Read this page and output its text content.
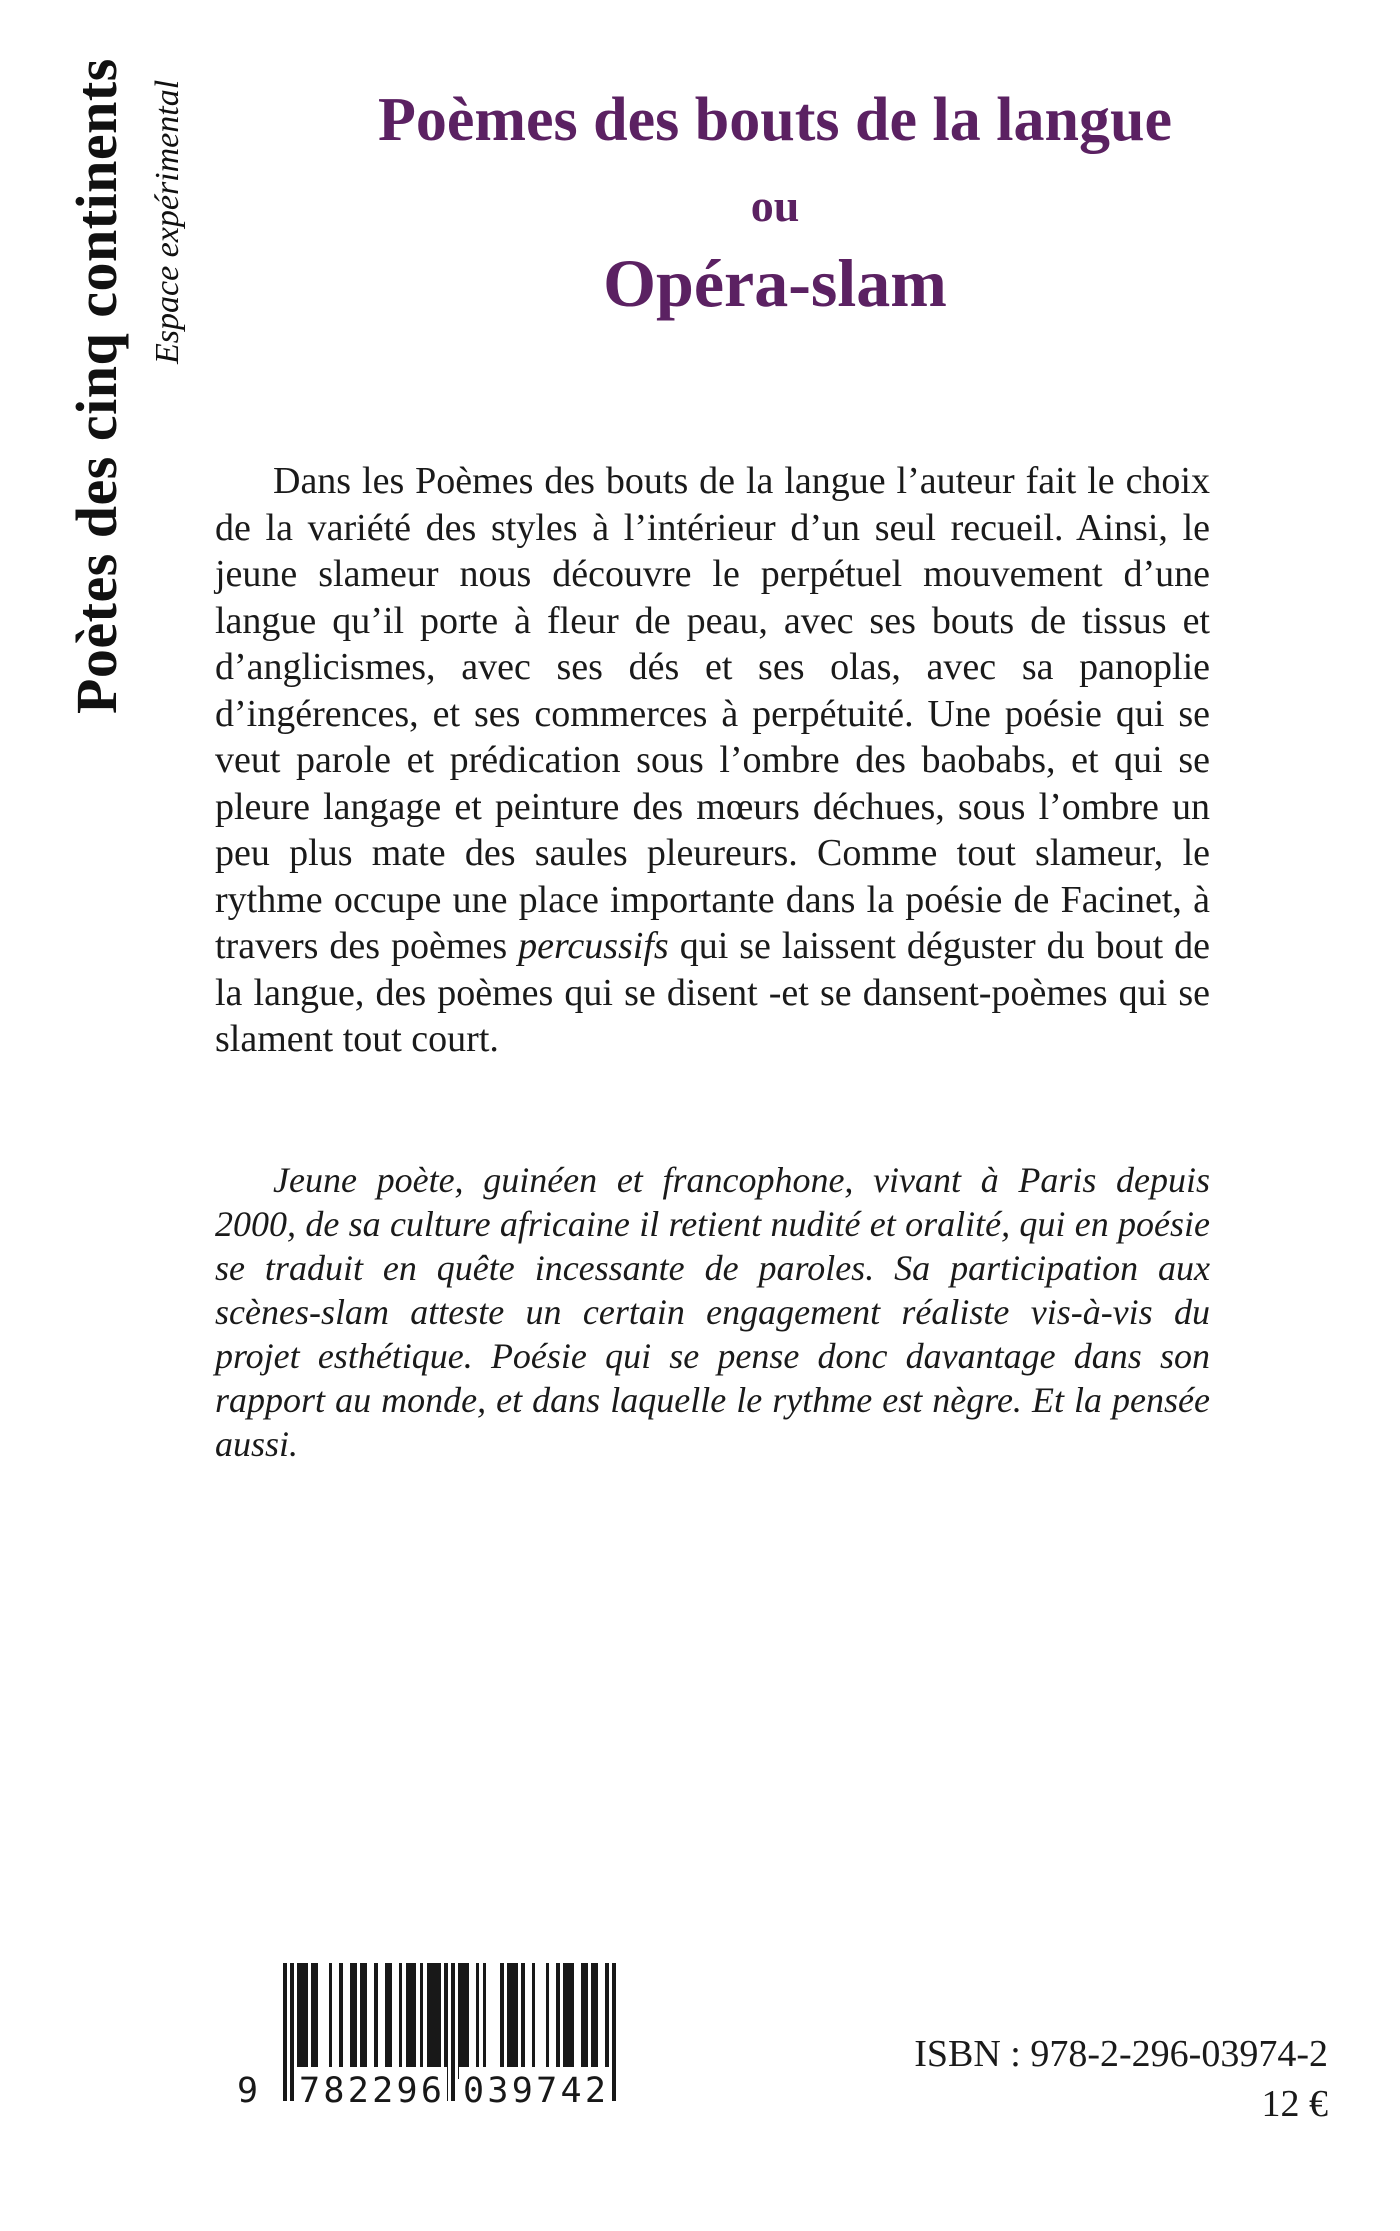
Poètes des cinq continents Espace expérimental	Poèmes des bouts de la langue
ou
Opéra-slam

Dans les Poèmes des bouts de la langue l’auteur fait le choix de la variété des styles à l’intérieur d’un seul recueil. Ainsi, le jeune slameur nous découvre le perpétuel mouvement d’une langue qu’il porte à fleur de peau, avec ses bouts de tissus et d’anglicismes, avec ses dés et ses olas, avec sa panoplie d’ingérences, et ses commerces à perpétuité. Une poésie qui se veut parole et prédication sous l’ombre des baobabs, et qui se pleure langage et peinture des mœurs déchues, sous l’ombre un peu plus mate des saules pleureurs. Comme tout slameur, le rythme occupe une place importante dans la poésie de Facinet, à travers des poèmes percussifs qui se laissent déguster du bout de la langue, des poèmes qui se disent -et se dansent-poèmes qui se slament tout court.

Jeune poète, guinéen et francophone, vivant à Paris depuis 2000, de sa culture africaine il retient nudité et oralité, qui en poésie se traduit en quête incessante de paroles. Sa participation aux scènes-slam atteste un certain engagement réaliste vis-à-vis du projet esthétique. Poésie qui se pense donc davantage dans son rapport au monde, et dans laquelle le rythme est nègre. Et la pensée aussi.

9 7 8 2 2 9 6 0 3 9 7 4 2
ISBN : 978-2-296-03974-2
12 €
